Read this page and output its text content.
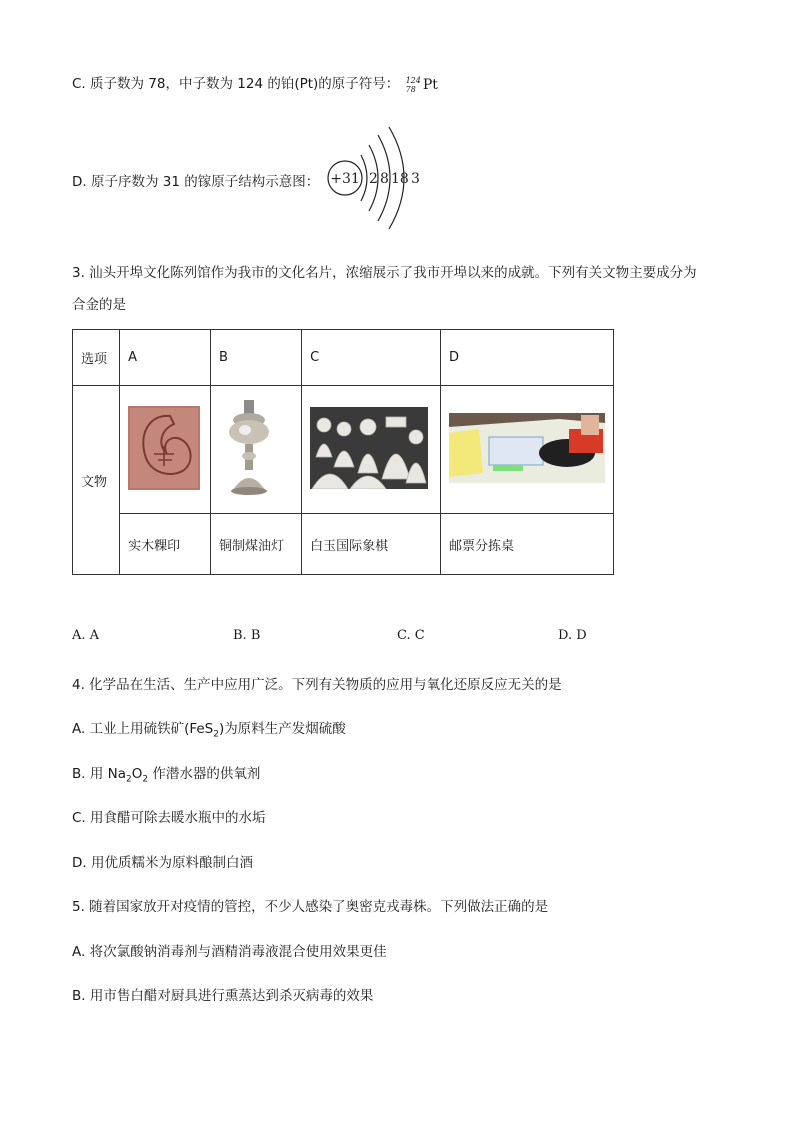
C. 质子数为 78，中子数为 124 的铂(Pt)的原子符号： 124
78 Pt
D. 原子序数为 31 的镓原子结构示意图： +31 2 8 18 3
3. 汕头开埠文化陈列馆作为我市的文化名片，浓缩展示了我市开埠以来的成就。下列有关文物主要成分为
合金的是
选项	A	B	C	D
文物				
	实木粿印	铜制煤油灯	白玉国际象棋	邮票分拣桌
A. A	B. B	C. C	D. D
4. 化学品在生活、生产中应用广泛。下列有关物质的应用与氧化还原反应无关的是
A. 工业上用硫铁矿(FeS$_2$)为原料生产发烟硫酸
B. 用 $Na_2O_2$ 作潜水器的供氧剂
C. 用食醋可除去暖水瓶中的水垢
D. 用优质糯米为原料酿制白酒
5. 随着国家放开对疫情的管控，不少人感染了奥密克戎毒株。下列做法正确的是
A. 将次氯酸钠消毒剂与酒精消毒液混合使用效果更佳
B. 用市售白醋对厨具进行熏蒸达到杀灭病毒的效果
